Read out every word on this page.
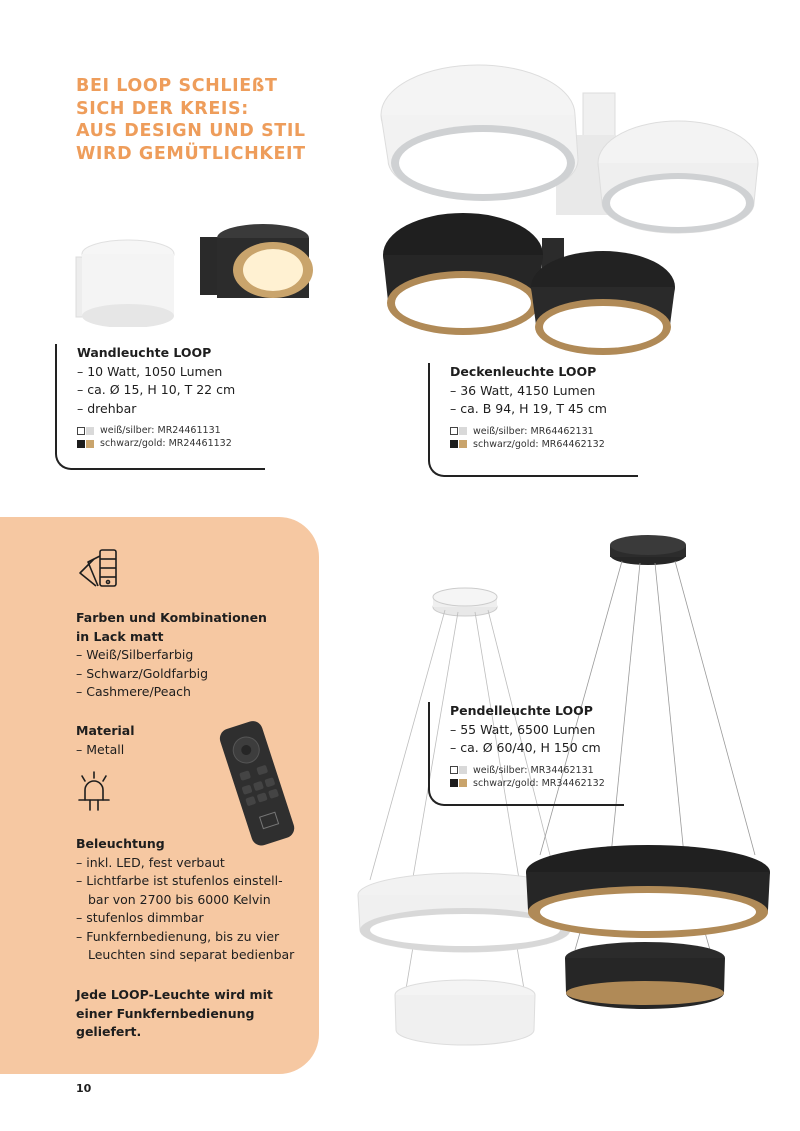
BEI LOOP SCHLIEßT
SICH DER KREIS:
AUS DESIGN UND STIL
WIRD GEMÜTLICHKEIT
Wandleuchte LOOP
– 10 Watt, 1050 Lumen
– ca. Ø 15, H 10, T 22 cm
– drehbar
weiß/silber: MR24461131
schwarz/gold: MR24461132
Deckenleuchte LOOP
– 36 Watt, 4150 Lumen
– ca. B 94, H 19, T 45 cm
weiß/silber: MR64462131
schwarz/gold: MR64462132
Farben und Kombinationen
in Lack matt
– Weiß/Silberfarbig
– Schwarz/Goldfarbig
– Cashmere/Peach
Material
– Metall
Beleuchtung
– inkl. LED, fest verbaut
– Lichtfarbe ist stufenlos einstell-
bar von 2700 bis 6000 Kelvin
– stufenlos dimmbar
– Funkfernbedienung, bis zu vier
Leuchten sind separat bedienbar
Jede LOOP-Leuchte wird mit
einer Funkfernbedienung
geliefert.
Pendelleuchte LOOP
– 55 Watt, 6500 Lumen
– ca. Ø 60/40, H 150 cm
weiß/silber: MR34462131
schwarz/gold: MR34462132
10
